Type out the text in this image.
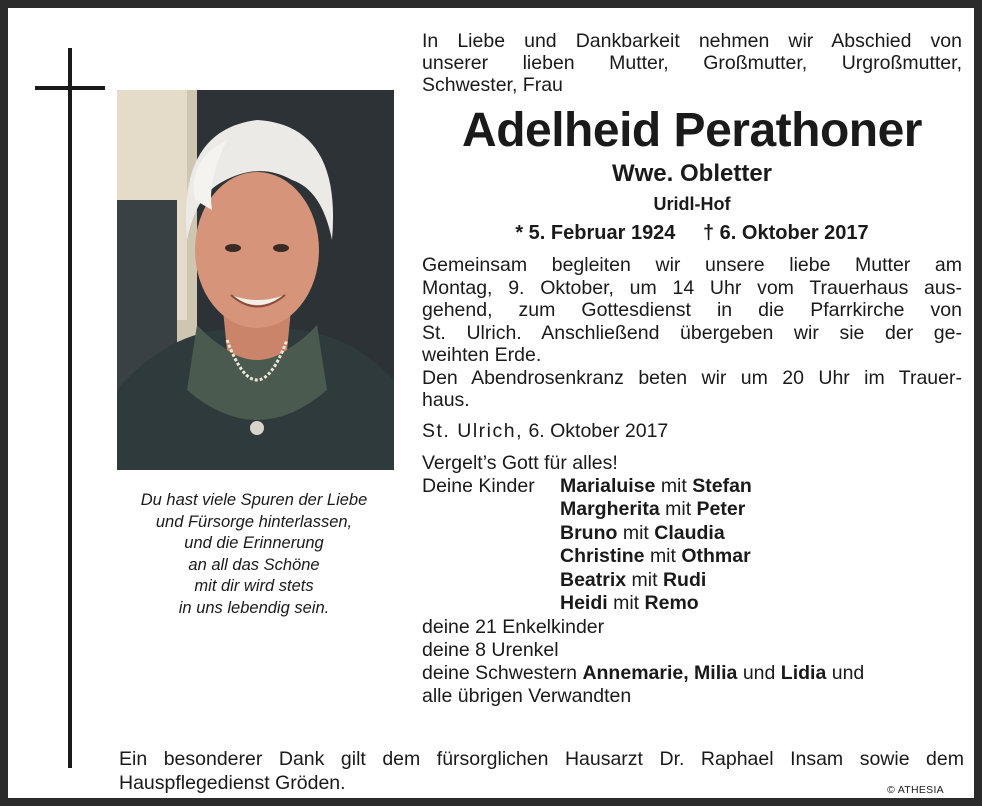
Du hast viele Spuren der Liebe
und Fürsorge hinterlassen,
und die Erinnerung
an all das Schöne
mit dir wird stets
in uns lebendig sein.
In Liebe und Dankbarkeit nehmen wir Abschied von
unserer lieben Mutter, Großmutter, Urgroßmutter,
Schwester, Frau
Adelheid Perathoner
Wwe. Obletter
Uridl-Hof
* 5. Februar 1924 † 6. Oktober 2017
Gemeinsam begleiten wir unsere liebe Mutter am
Montag, 9. Oktober, um 14 Uhr vom Trauerhaus aus-
gehend, zum Gottesdienst in die Pfarrkirche von
St. Ulrich. Anschließend übergeben wir sie der ge-
weihten Erde.
Den Abendrosenkranz beten wir um 20 Uhr im Trauer-
haus.
St. Ulrich, 6. Oktober 2017
Vergelt’s Gott für alles!
Deine Kinder	Marialuise mit Stefan
Margherita mit Peter
Bruno mit Claudia
Christine mit Othmar
Beatrix mit Rudi
Heidi mit Remo
deine 21 Enkelkinder
deine 8 Urenkel
deine Schwestern Annemarie, Milia und Lidia und
alle übrigen Verwandten
Ein besonderer Dank gilt dem fürsorglichen Hausarzt Dr. Raphael Insam sowie dem
Hauspflegedienst Gröden.	© ATHESIA
